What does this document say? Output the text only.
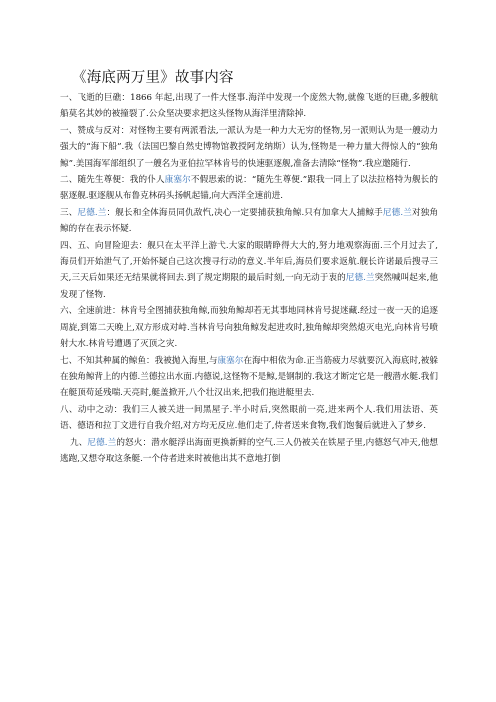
《海底两万里》故事内容

一、飞逝的巨礁：1866 年起,出现了一件大怪事.海洋中发现一个庞然大物,就像飞逝的巨礁,多艘航船莫名其妙的被撞裂了.公众坚决要求把这头怪物从海洋里清除掉.

一、赞成与反对：对怪物主要有两派看法,一派认为是一种力大无穷的怪物,另一派则认为是一艘动力强大的“海下船”.我（法国巴黎自然史博物馆教授阿龙纳斯）认为,怪物是一种力量大得惊人的“独角鲸”.美国海军部组织了一艘名为亚伯拉罕林肯号的快速驱逐舰,准备去清除“怪物”.我应邀随行.

二、随先生尊便：我的仆人康塞尔不假思索的说：“随先生尊便.”跟我一同上了以法拉格特为舰长的驱逐舰.驱逐舰从布鲁克林码头扬帆起锚,向大西洋全速前进.

三、尼德.兰：舰长和全体海员同仇敌忾,决心一定要捕获独角鲸.只有加拿大人捕鲸手尼德.兰对独角鲸的存在表示怀疑.

四、五、向冒险迎去：舰只在太平洋上游弋.大家的眼睛睁得大大的,努力地观察海面.三个月过去了,海员们开始泄气了,开始怀疑自己这次搜寻行动的意义.半年后,海员们要求返航.舰长许诺最后搜寻三天,三天后如果还无结果就将回去.到了规定期限的最后时刻,一向无动于衷的尼德.兰突然喊叫起来,他发现了怪物.

六、全速前进：林肯号全图捕获独角鲸,而独角鲸却若无其事地同林肯号捉迷藏.经过一夜一天的追逐周旋,到第二天晚上,双方形成对峙.当林肯号向独角鲸发起进攻时,独角鲸却突然熄灭电光,向林肯号喷射大水.林肯号遭遇了灭顶之灾.

七、不知其种属的鲸鱼：我被抛入海里,与康塞尔在海中相依为命.正当筋疲力尽就要沉入海底时,被躲在独角鲸背上的内德.兰德拉出水面.内德说,这怪物不是鲸,是钢制的.我这才断定它是一艘潜水艇.我们在艇顶苟延残喘.天亮时,艇盖掀开,八个壮汉出来,把我们拖进艇里去.

八、动中之动：我们三人被关进一间黑屋子.半小时后,突然眼前一亮,进来两个人.我们用法语、英语、德语和拉丁文进行自我介绍,对方均无反应.他们走了,侍者送来食物,我们饱餐后就进入了梦乡.

九、尼德.兰的怒火：潜水艇浮出海面更换新鲜的空气.三人仍被关在铁屋子里,内德怒气冲天,他想逃跑,又想夺取这条艇.一个侍者进来时被他出其不意地打倒
